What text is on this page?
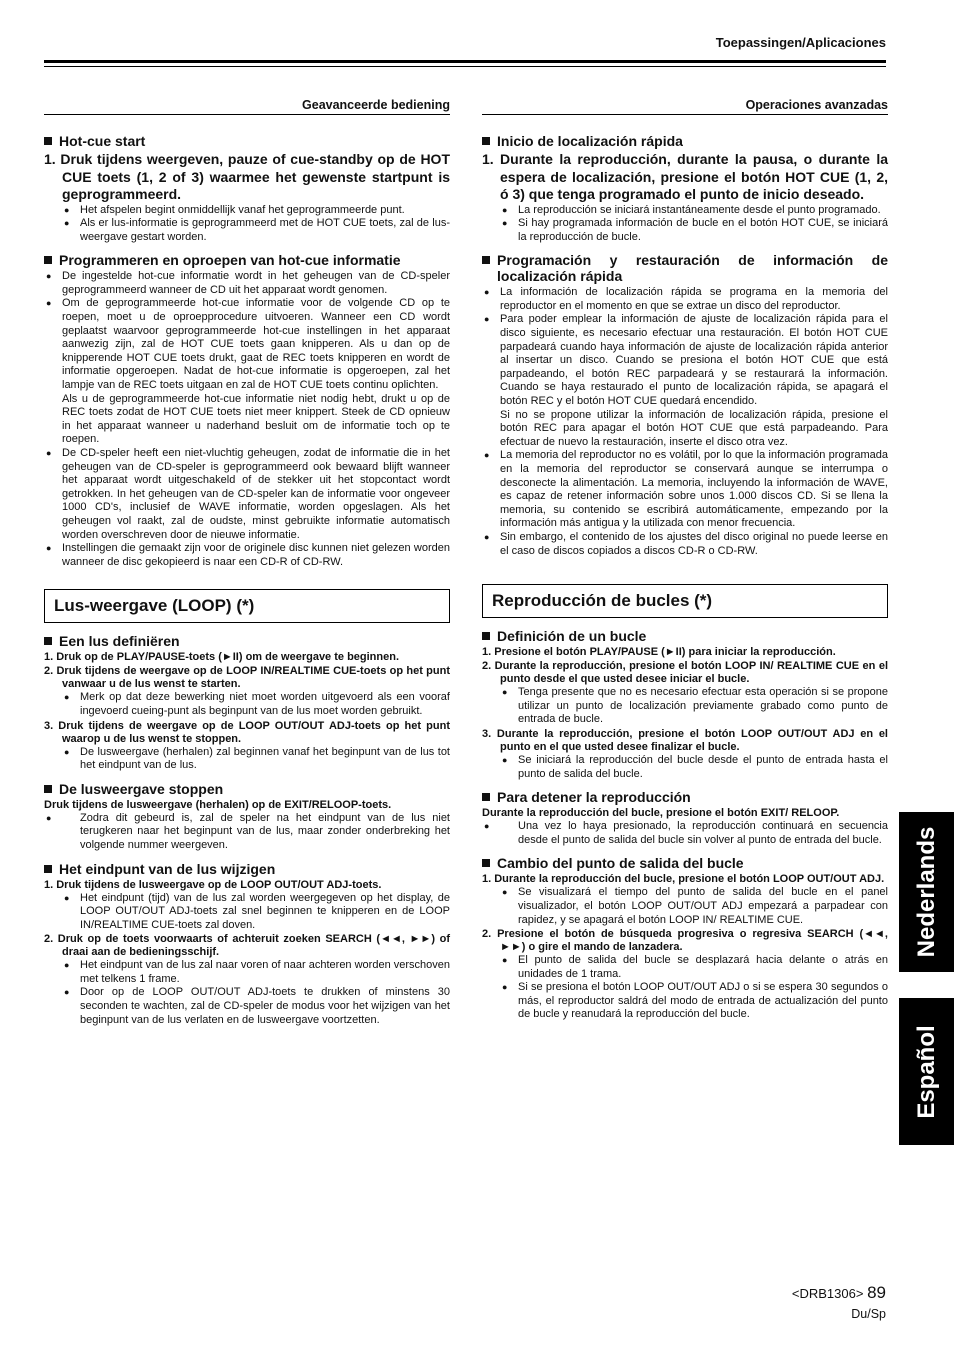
Toepassingen/Aplicaciones
Geavanceerde bediening
Hot-cue start
1. Druk tijdens weergeven, pauze of cue-standby op de HOT CUE toets (1, 2 of 3) waarmee het gewenste startpunt is geprogrammeerd.
● Het afspelen begint onmiddellijk vanaf het geprogrammeerde punt.
● Als er lus-informatie is geprogrammeerd met de HOT CUE toets, zal de lus-weergave gestart worden.
Programmeren en oproepen van hot-cue informatie
● De ingestelde hot-cue informatie wordt in het geheugen van de CD-speler geprogrammeerd wanneer de CD uit het apparaat wordt genomen.
● Om de geprogrammeerde hot-cue informatie voor de volgende CD op te roepen, moet u de oproepprocedure uitvoeren. Wanneer een CD wordt geplaatst waarvoor geprogrammeerde hot-cue instellingen in het apparaat aanwezig zijn, zal de HOT CUE toets gaan knipperen. Als u dan op de knipperende HOT CUE toets drukt, gaat de REC toets knipperen en wordt de informatie opgeroepen. Nadat de hot-cue informatie is opgeroepen, zal het lampje van de REC toets uitgaan en zal de HOT CUE toets continu oplichten.
Als u de geprogrammeerde hot-cue informatie niet nodig hebt, drukt u op de REC toets zodat de HOT CUE toets niet meer knippert. Steek de CD opnieuw in het apparaat wanneer u naderhand besluit om de informatie toch op te roepen.
● De CD-speler heeft een niet-vluchtig geheugen, zodat de informatie die in het geheugen van de CD-speler is geprogrammeerd ook bewaard blijft wanneer het apparaat wordt uitgeschakeld of de stekker uit het stopcontact wordt getrokken. In het geheugen van de CD-speler kan de informatie voor ongeveer 1000 CD's, inclusief de WAVE informatie, worden opgeslagen. Als het geheugen vol raakt, zal de oudste, minst gebruikte informatie automatisch worden overschreven door de nieuwe informatie.
● Instellingen die gemaakt zijn voor de originele disc kunnen niet gelezen worden wanneer de disc gekopieerd is naar een CD-R of CD-RW.
Lus-weergave (LOOP) (*)
Een lus definiëren
1. Druk op de PLAY/PAUSE-toets (►II) om de weergave te beginnen.
2. Druk tijdens de weergave op de LOOP IN/REALTIME CUE-toets op het punt vanwaar u de lus wenst te starten.
● Merk op dat deze bewerking niet moet worden uitgevoerd als een vooraf ingevoerd cueing-punt als beginpunt van de lus moet worden gebruikt.
3. Druk tijdens de weergave op de LOOP OUT/OUT ADJ-toets op het punt waarop u de lus wenst te stoppen.
● De lusweergave (herhalen) zal beginnen vanaf het beginpunt van de lus tot het eindpunt van de lus.
De lusweergave stoppen
Druk tijdens de lusweergave (herhalen) op de EXIT/RELOOP-toets.
● Zodra dit gebeurd is, zal de speler na het eindpunt van de lus niet terugkeren naar het beginpunt van de lus, maar zonder onderbreking het volgende nummer weergeven.
Het eindpunt van de lus wijzigen
1. Druk tijdens de lusweergave op de LOOP OUT/OUT ADJ-toets.
● Het eindpunt (tijd) van de lus zal worden weergegeven op het display, de LOOP OUT/OUT ADJ-toets zal snel beginnen te knipperen en de LOOP IN/REALTIME CUE-toets zal doven.
2. Druk op de toets voorwaarts of achteruit zoeken SEARCH (◄◄, ►►) of draai aan de bedieningsschijf.
● Het eindpunt van de lus zal naar voren of naar achteren worden verschoven met telkens 1 frame.
● Door op de LOOP OUT/OUT ADJ-toets te drukken of minstens 30 seconden te wachten, zal de CD-speler de modus voor het wijzigen van het beginpunt van de lus verlaten en de lusweergave voortzetten.
Operaciones avanzadas
Inicio de localización rápida
1. Durante la reproducción, durante la pausa, o durante la espera de localización, presione el botón HOT CUE (1, 2, ó 3) que tenga programado el punto de inicio deseado.
● La reproducción se iniciará instantáneamente desde el punto programado.
● Si hay programada información de bucle en el botón HOT CUE, se iniciará la reproducción de bucle.
Programación y restauración de información de localización rápida
● La información de localización rápida se programa en la memoria del reproductor en el momento en que se extrae un disco del reproductor.
● Para poder emplear la información de ajuste de localización rápida para el disco siguiente, es necesario efectuar una restauración. El botón HOT CUE parpadeará cuando haya información de ajuste de localización rápida anterior al insertar un disco. Cuando se presiona el botón HOT CUE que está parpadeando, el botón REC parpadeará y se restaurará la información. Cuando se haya restaurado el punto de localización rápida, se apagará el botón REC y el botón HOT CUE quedará encendido.
Si no se propone utilizar la información de localización rápida, presione el botón REC para apagar el botón HOT CUE que está parpadeando. Para efectuar de nuevo la restauración, inserte el disco otra vez.
● La memoria del reproductor no es volátil, por lo que la información programada en la memoria del reproductor se conservará aunque se interrumpa o desconecte la alimentación. La memoria, incluyendo la información de WAVE, es capaz de retener información sobre unos 1.000 discos CD. Si se llena la memoria, su contenido se escribirá automáticamente, empezando por la información más antigua y la utilizada con menor frecuencia.
● Sin embargo, el contenido de los ajustes del disco original no puede leerse en el caso de discos copiados a discos CD-R o CD-RW.
Reproducción de bucles (*)
Definición de un bucle
1. Presione el botón PLAY/PAUSE (►II) para iniciar la reproducción.
2. Durante la reproducción, presione el botón LOOP IN/ REALTIME CUE en el punto desde el que usted desee iniciar el bucle.
● Tenga presente que no es necesario efectuar esta operación si se propone utilizar un punto de localización previamente grabado como punto de entrada de bucle.
3. Durante la reproducción, presione el botón LOOP OUT/OUT ADJ en el punto en el que usted desee finalizar el bucle.
● Se iniciará la reproducción del bucle desde el punto de entrada hasta el punto de salida del bucle.
Para detener la reproducción
Durante la reproducción del bucle, presione el botón EXIT/ RELOOP.
● Una vez lo haya presionado, la reproducción continuará en secuencia desde el punto de salida del bucle sin volver al punto de entrada del bucle.
Cambio del punto de salida del bucle
1. Durante la reproducción del bucle, presione el botón LOOP OUT/OUT ADJ.
● Se visualizará el tiempo del punto de salida del bucle en el panel visualizador, el botón LOOP OUT/OUT ADJ empezará a parpadear con rapidez, y se apagará el botón LOOP IN/ REALTIME CUE.
2. Presione el botón de búsqueda progresiva o regresiva SEARCH (◄◄, ►►) o gire el mando de lanzadera.
● El punto de salida del bucle se desplazará hacia delante o atrás en unidades de 1 trama.
● Si se presiona el botón LOOP OUT/OUT ADJ o si se espera 30 segundos o más, el reproductor saldrá del modo de entrada de actualización del punto de bucle y reanudará la reproducción del bucle.
Nederlands
Español
<DRB1306> 89
Du/Sp
